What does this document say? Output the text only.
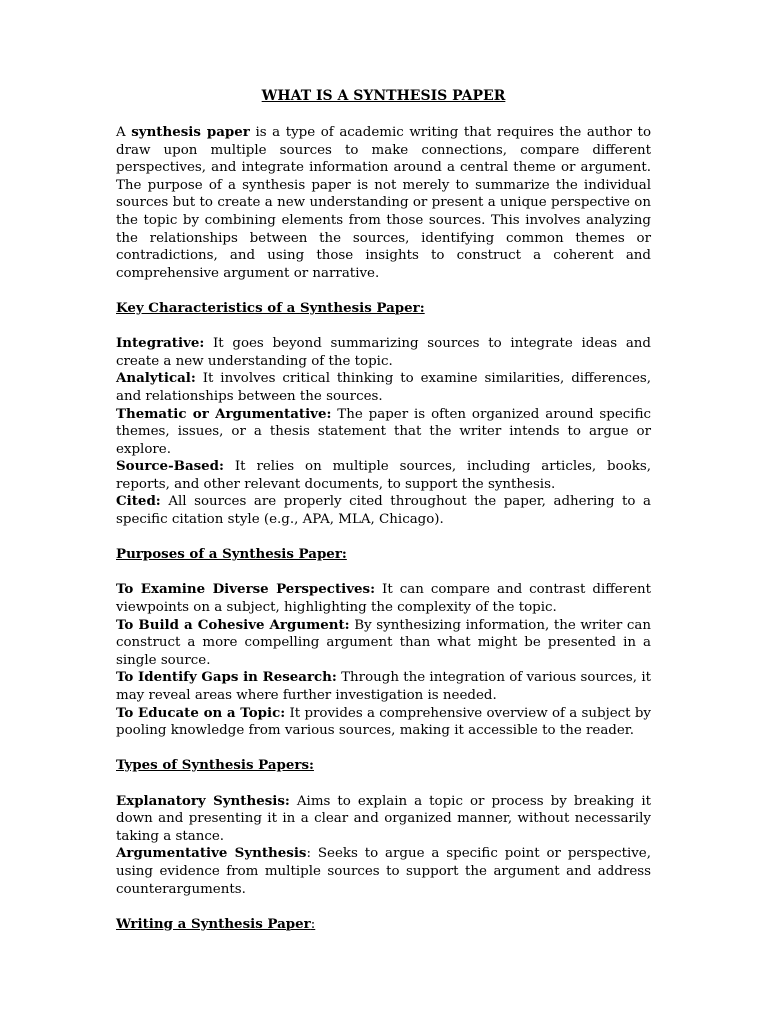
WHAT IS A SYNTHESIS PAPER

A synthesis paper is a type of academic writing that requires the author to draw upon multiple sources to make connections, compare different perspectives, and integrate information around a central theme or argument. The purpose of a synthesis paper is not merely to summarize the individual sources but to create a new understanding or present a unique perspective on the topic by combining elements from those sources. This involves analyzing the relationships between the sources, identifying common themes or contradictions, and using those insights to construct a coherent and comprehensive argument or narrative.

Key Characteristics of a Synthesis Paper:

Integrative: It goes beyond summarizing sources to integrate ideas and create a new understanding of the topic.

Analytical: It involves critical thinking to examine similarities, differences, and relationships between the sources.

Thematic or Argumentative: The paper is often organized around specific themes, issues, or a thesis statement that the writer intends to argue or explore.

Source-Based: It relies on multiple sources, including articles, books, reports, and other relevant documents, to support the synthesis.

Cited: All sources are properly cited throughout the paper, adhering to a specific citation style (e.g., APA, MLA, Chicago).

Purposes of a Synthesis Paper:

To Examine Diverse Perspectives: It can compare and contrast different viewpoints on a subject, highlighting the complexity of the topic.

To Build a Cohesive Argument: By synthesizing information, the writer can construct a more compelling argument than what might be presented in a single source.

To Identify Gaps in Research: Through the integration of various sources, it may reveal areas where further investigation is needed.

To Educate on a Topic: It provides a comprehensive overview of a subject by pooling knowledge from various sources, making it accessible to the reader.

Types of Synthesis Papers:

Explanatory Synthesis: Aims to explain a topic or process by breaking it down and presenting it in a clear and organized manner, without necessarily taking a stance.

Argumentative Synthesis: Seeks to argue a specific point or perspective, using evidence from multiple sources to support the argument and address counterarguments.

Writing a Synthesis Paper:
